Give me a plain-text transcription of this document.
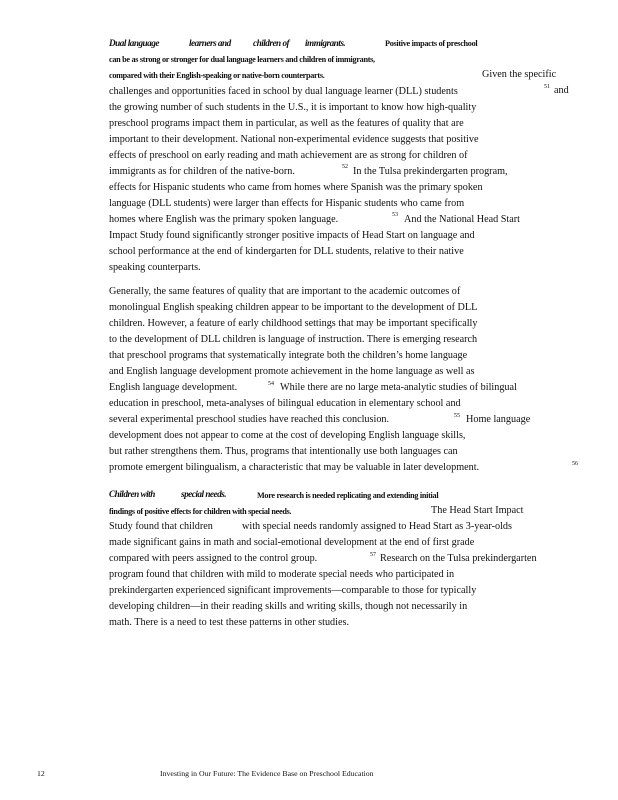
Dual language	learners and children of immigrants.	Positive impacts of preschool
can be as strong or stronger for dual language learners and children of immigrants,
compared with their English-speaking or native-born counterparts.	Given the specific
51 and
challenges and opportunities faced in school by dual language learner (DLL) students
the growing number of such students in the U.S., it is important to know how high-quality
preschool programs impact them in particular, as well as the features of quality that are
important to their development. National non-experimental evidence suggests that positive
effects of preschool on early reading and math achievement are as strong for children of
immigrants as for children of the native-born.	52 In the Tulsa prekindergarten program,
effects for Hispanic students who came from homes where Spanish was the primary spoken
language (DLL students) were larger than effects for Hispanic students who came from
homes where English was the primary spoken language.	53 And the National Head Start
Impact Study found significantly stronger positive impacts of Head Start on language and
school performance at the end of kindergarten for DLL students, relative to their native
speaking counterparts.
Generally, the same features of quality that are important to the academic outcomes of
monolingual English speaking children appear to be important to the development of DLL
children. However, a feature of early childhood settings that may be important specifically
to the development of DLL children is language of instruction. There is emerging research
that preschool programs that systematically integrate both the children’s home language
and English language development promote achievement in the home language as well as
English language development.	54 While there are no large meta-analytic studies of bilingual
education in preschool, meta-analyses of bilingual education in elementary school and
several experimental preschool studies have reached this conclusion.	55 Home language
development does not appear to come at the cost of developing English language skills,
but rather strengthens them. Thus, programs that intentionally use both languages can
promote emergent bilingualism, a characteristic that may be valuable in later development.	56
Children with	special needs.	More research is needed replicating and extending initial
findings of positive effects for children with special needs.	The Head Start Impact
Study found that children	with special needs randomly assigned to Head Start as 3-year-olds
made significant gains in math and social-emotional development at the end of first grade
compared with peers assigned to the control group.	57 Research on the Tulsa prekindergarten
program found that children with mild to moderate special needs who participated in
prekindergarten experienced significant improvements—comparable to those for typically
developing children—in their reading skills and writing skills, though not necessarily in
math. There is a need to test these patterns in other studies.
12	Investing in Our Future: The Evidence Base on Preschool Education
